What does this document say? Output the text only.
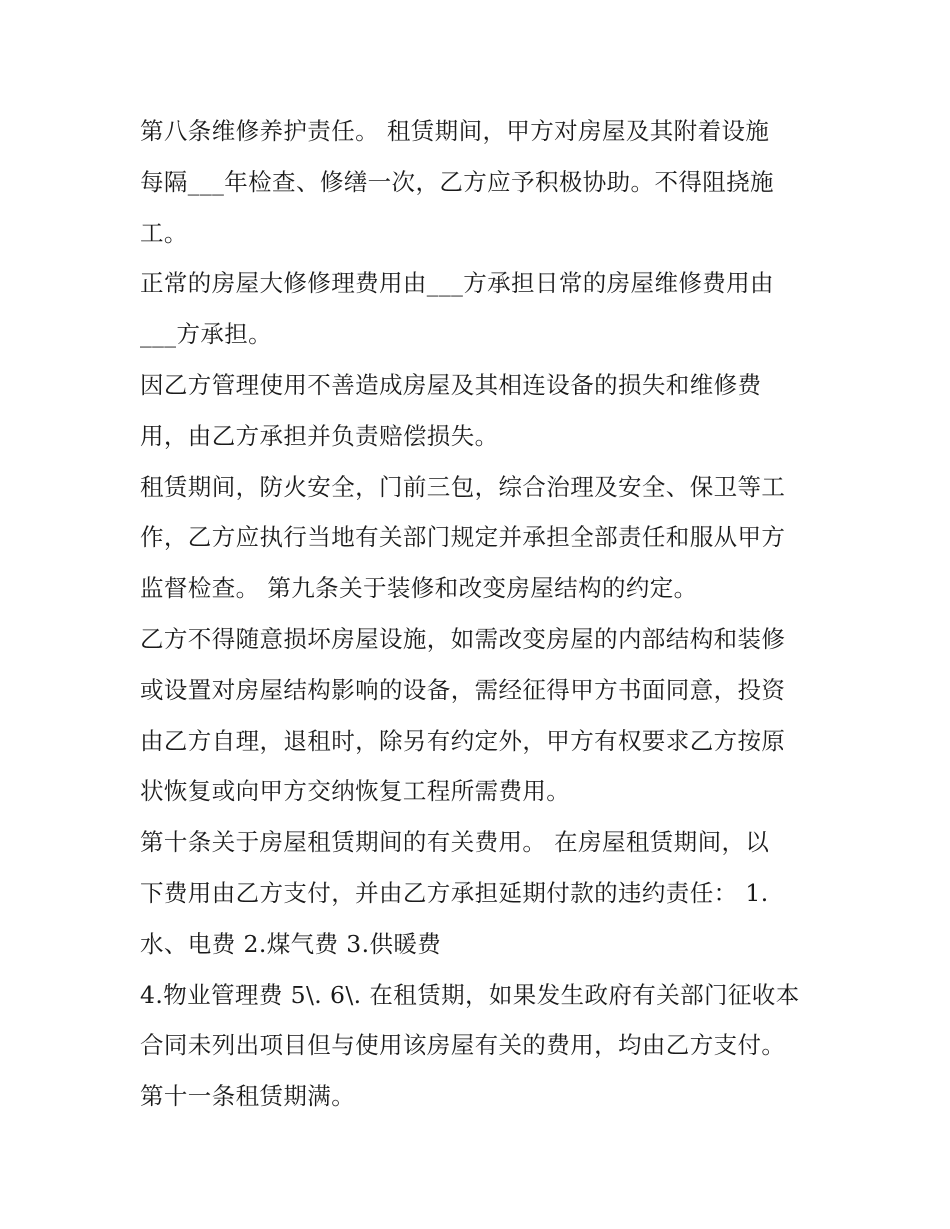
第八条维修养护责任。 租赁期间，甲方对房屋及其附着设施
每隔___年检查、修缮一次，乙方应予积极协助。不得阻挠施
工。
正常的房屋大修修理费用由___方承担日常的房屋维修费用由
___方承担。
因乙方管理使用不善造成房屋及其相连设备的损失和维修费
用，由乙方承担并负责赔偿损失。
租赁期间，防火安全，门前三包，综合治理及安全、保卫等工
作，乙方应执行当地有关部门规定并承担全部责任和服从甲方
监督检查。 第九条关于装修和改变房屋结构的约定。
乙方不得随意损坏房屋设施，如需改变房屋的内部结构和装修
或设置对房屋结构影响的设备，需经征得甲方书面同意，投资
由乙方自理，退租时，除另有约定外，甲方有权要求乙方按原
状恢复或向甲方交纳恢复工程所需费用。
第十条关于房屋租赁期间的有关费用。 在房屋租赁期间，以
下费用由乙方支付，并由乙方承担延期付款的违约责任： 1.
水、电费 2.煤气费 3.供暖费
4.物业管理费 5\. 6\. 在租赁期，如果发生政府有关部门征收本
合同未列出项目但与使用该房屋有关的费用，均由乙方支付。
第十一条租赁期满。
